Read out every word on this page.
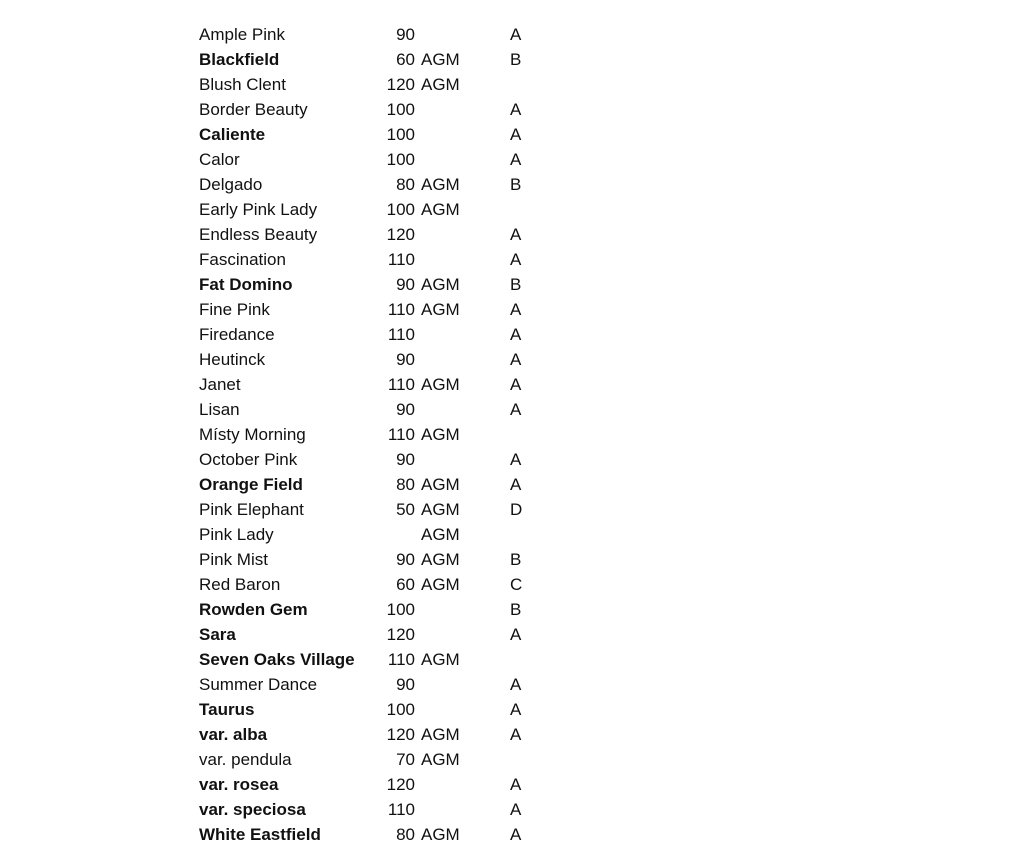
Ample Pink	90	A
Blackfield	60 AGM	B
Blush Clent	120 AGM
Border Beauty	100	A
Caliente	100	A
Calor	100	A
Delgado	80 AGM	B
Early Pink Lady	100 AGM
Endless Beauty	120	A
Fascination	110	A
Fat Domino	90 AGM	B
Fine Pink	110 AGM	A
Firedance	110	A
Heutinck	90	A
Janet	110 AGM	A
Lisan	90	A
Místy Morning	110 AGM
October Pink	90	A
Orange Field	80 AGM	A
Pink Elephant	50 AGM	D
Pink Lady	AGM
Pink Mist	90 AGM	B
Red Baron	60 AGM	C
Rowden Gem	100	B
Sara	120	A
Seven Oaks Village	110 AGM
Summer Dance	90	A
Taurus	100	A
var. alba	120 AGM	A
var. pendula	70 AGM
var. rosea	120	A
var. speciosa	110	A
White Eastfield	80 AGM	A
